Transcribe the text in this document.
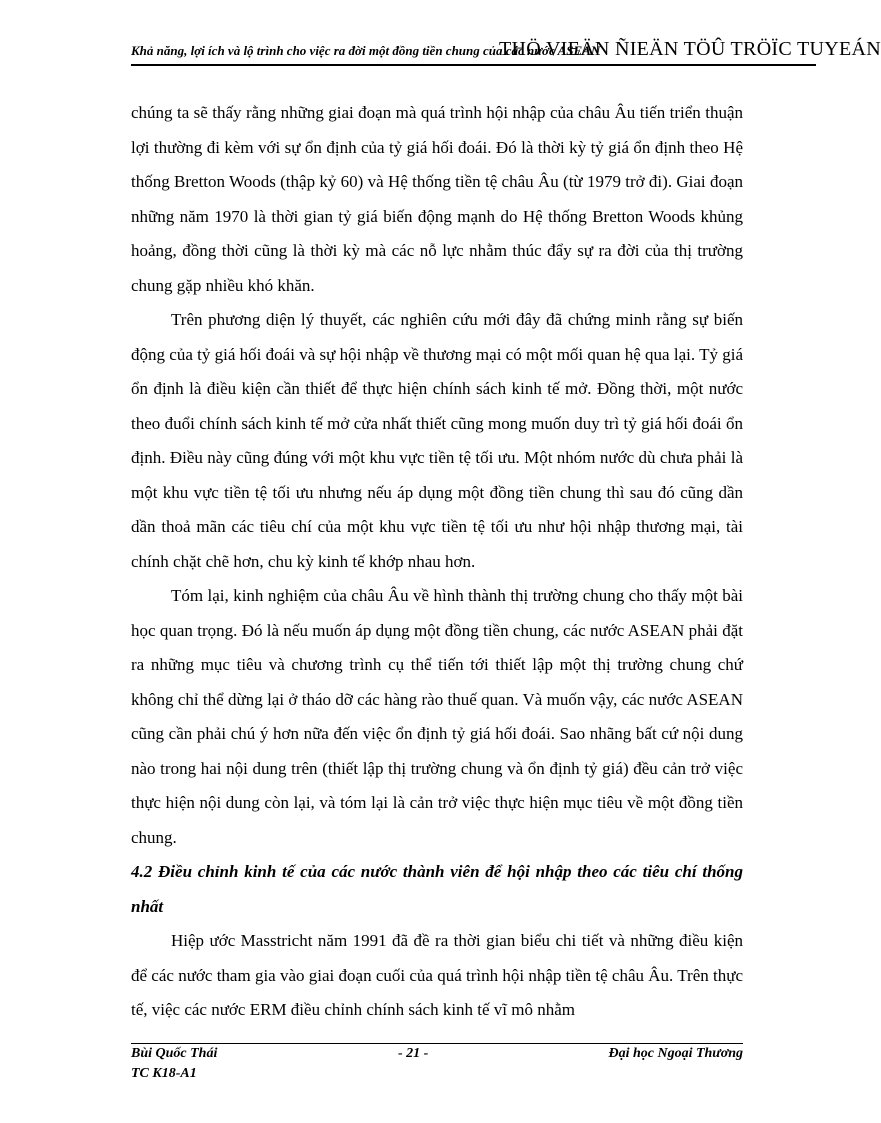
Khả năng, lợi ích và lộ trình cho việc ra đời một đồng tiền chung của các nước ASEAN
THÖ VIEÄN ÑIEÄN TÖÛ TRÖÏC TUYEÁN

chúng ta sẽ thấy rằng những giai đoạn mà quá trình hội nhập của châu Âu tiến triển thuận lợi thường đi kèm với sự ổn định của tỷ giá hối đoái. Đó là thời kỳ tỷ giá ổn định theo Hệ thống Bretton Woods (thập kỷ 60) và Hệ thống tiền tệ châu Âu (từ 1979 trở đi). Giai đoạn những năm 1970 là thời gian tỷ giá biến động mạnh do Hệ thống Bretton Woods khủng hoảng, đồng thời cũng là thời kỳ mà các nỗ lực nhằm thúc đẩy sự ra đời của thị trường chung gặp nhiều khó khăn.

Trên phương diện lý thuyết, các nghiên cứu mới đây đã chứng minh rằng sự biến động của tỷ giá hối đoái và sự hội nhập về thương mại có một mối quan hệ qua lại. Tỷ giá ổn định là điều kiện cần thiết để thực hiện chính sách kinh tế mở. Đồng thời, một nước theo đuổi chính sách kinh tế mở cửa nhất thiết cũng mong muốn duy trì tỷ giá hối đoái ổn định. Điều này cũng đúng với một khu vực tiền tệ tối ưu. Một nhóm nước dù chưa phải là một khu vực tiền tệ tối ưu nhưng nếu áp dụng một đồng tiền chung thì sau đó cũng dần dần thoả mãn các tiêu chí của một khu vực tiền tệ tối ưu như hội nhập thương mại, tài chính chặt chẽ hơn, chu kỳ kinh tế khớp nhau hơn.

Tóm lại, kinh nghiệm của châu Âu về hình thành thị trường chung cho thấy một bài học quan trọng. Đó là nếu muốn áp dụng một đồng tiền chung, các nước ASEAN phải đặt ra những mục tiêu và chương trình cụ thể tiến tới thiết lập một thị trường chung chứ không chỉ thể dừng lại ở tháo dỡ các hàng rào thuế quan. Và muốn vậy, các nước ASEAN cũng cần phải chú ý hơn nữa đến việc ổn định tỷ giá hối đoái. Sao nhãng bất cứ nội dung nào trong hai nội dung trên (thiết lập thị trường chung và ổn định tỷ giá) đều cản trở việc thực hiện nội dung còn lại, và tóm lại là cản trở việc thực hiện mục tiêu về một đồng tiền chung.

4.2 Điều chỉnh kinh tế của các nước thành viên để hội nhập theo các tiêu chí thống nhất

Hiệp ước Masstricht năm 1991 đã đề ra thời gian biểu chi tiết và những điều kiện để các nước tham gia vào giai đoạn cuối của quá trình hội nhập tiền tệ châu Âu. Trên thực tế, việc các nước ERM điều chỉnh chính sách kinh tế vĩ mô nhằm

Bùi Quốc Thái
TC K18-A1
- 21 -	Đại học Ngoại Thương
